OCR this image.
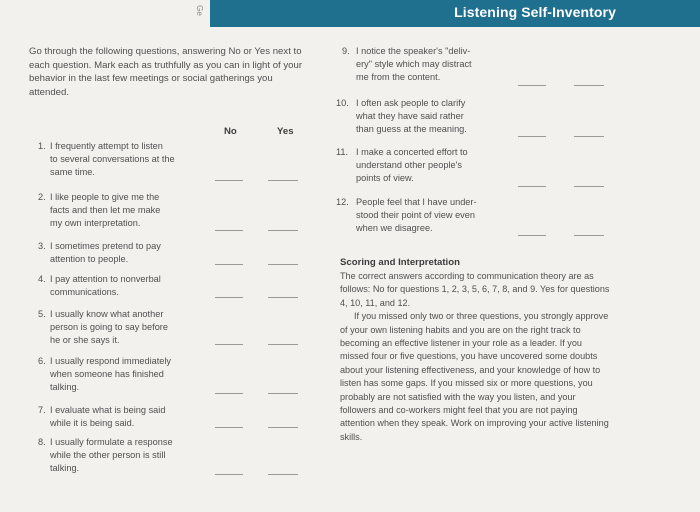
Listening Self-Inventory
Ge
Go through the following questions, answering No or Yes next to each question. Mark each as truthfully as you can in light of your behavior in the last few meetings or social gatherings you attended.
No	Yes
1. I frequently attempt to listen
to several conversations at the
same time.
2. I like people to give me the
facts and then let me make
my own interpretation.
3. I sometimes pretend to pay
attention to people.
4. I pay attention to nonverbal
communications.
5. I usually know what another
person is going to say before
he or she says it.
6. I usually respond immediately
when someone has finished
talking.
7. I evaluate what is being said
while it is being said.
8. I usually formulate a response
while the other person is still
talking.
9. I notice the speaker's "deliv-
ery" style which may distract
me from the content.
10. I often ask people to clarify
what they have said rather
than guess at the meaning.
11. I make a concerted effort to
understand other people's
points of view.
12. People feel that I have under-
stood their point of view even
when we disagree.
Scoring and Interpretation

The correct answers according to communication theory are as follows: No for questions 1, 2, 3, 5, 6, 7, 8, and 9. Yes for questions 4, 10, 11, and 12.

If you missed only two or three questions, you strongly approve of your own listening habits and you are on the right track to becoming an effective listener in your role as a leader. If you missed four or five questions, you have uncovered some doubts about your listening effectiveness, and your knowledge of how to listen has some gaps. If you missed six or more questions, you probably are not satisfied with the way you listen, and your followers and co-workers might feel that you are not paying attention when they speak. Work on improving your active listening skills.
